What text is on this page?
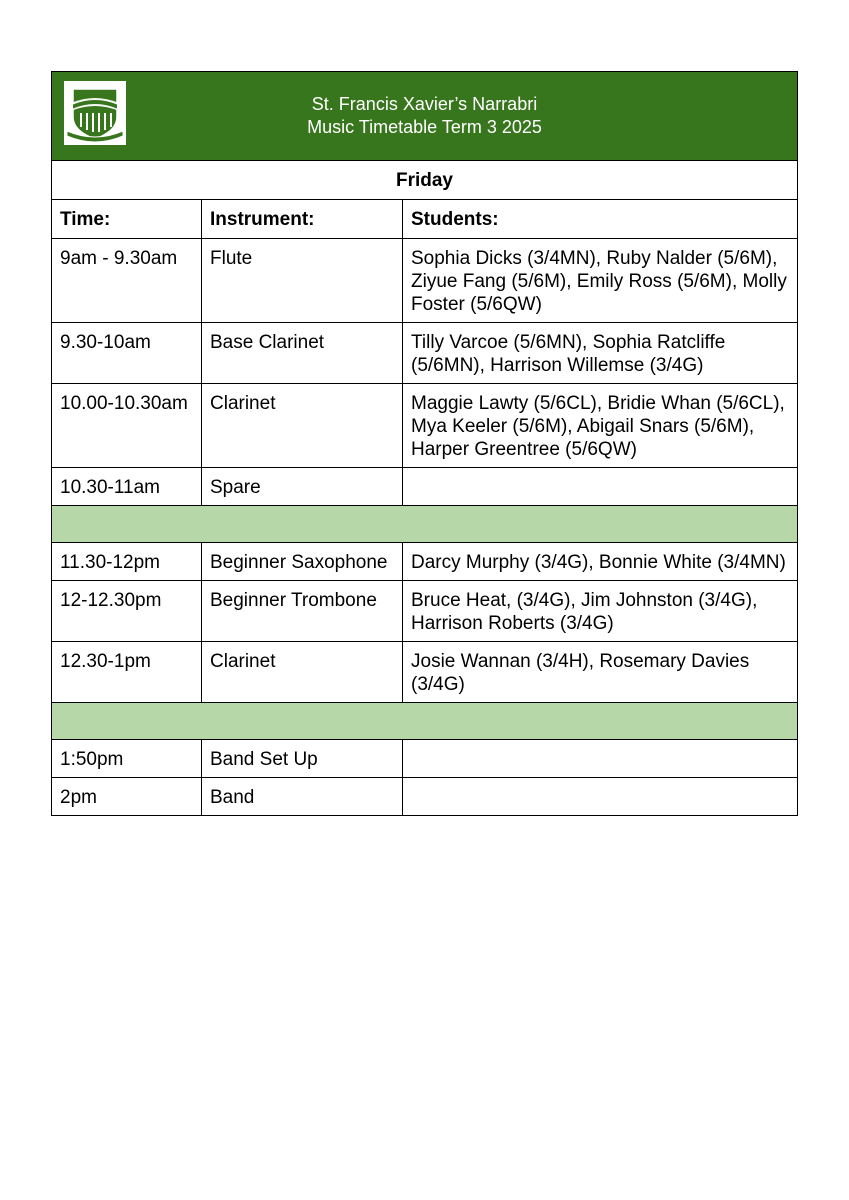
St. Francis Xavier’s Narrabri
Music Timetable Term 3 2025		

Friday		
Time:	Instrument:	Students:
9am - 9.30am	Flute	Sophia Dicks (3/4MN), Ruby Nalder (5/6M), Ziyue Fang (5/6M), Emily Ross (5/6M), Molly Foster (5/6QW)
9.30-10am	Base Clarinet	Tilly Varcoe (5/6MN), Sophia Ratcliffe (5/6MN), Harrison Willemse (3/4G)
10.00-10.30am	Clarinet	Maggie Lawty (5/6CL), Bridie Whan (5/6CL), Mya Keeler (5/6M), Abigail Snars (5/6M), Harper Greentree (5/6QW)
10.30-11am	Spare	

11.30-12pm	Beginner Saxophone	Darcy Murphy (3/4G), Bonnie White (3/4MN)
12-12.30pm	Beginner Trombone	Bruce Heat, (3/4G), Jim Johnston (3/4G), Harrison Roberts (3/4G)
12.30-1pm	Clarinet	Josie Wannan (3/4H), Rosemary Davies (3/4G)

1:50pm	Band Set Up	
2pm	Band	
